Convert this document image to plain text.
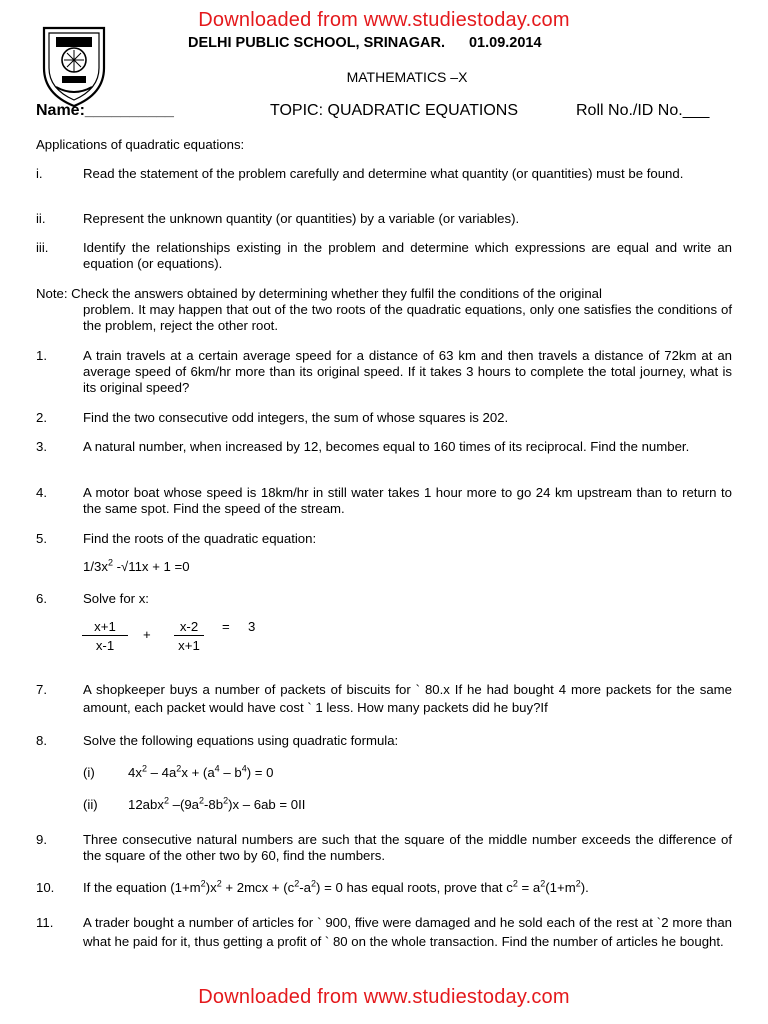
Downloaded from www.studiestoday.com
DELHI PUBLIC SCHOOL, SRINAGAR. 01.09.2014
MATHEMATICS –X
Name:__________	TOPIC: QUADRATIC EQUATIONS	Roll No./ID No.___
Applications of quadratic equations:
i.	Read the statement of the problem carefully and determine what quantity (or quantities) must be found.
ii.	Represent the unknown quantity (or quantities) by a variable (or variables).
iii.	Identify the relationships existing in the problem and determine which expressions are equal and write an equation (or equations).
Note: Check the answers obtained by determining whether they fulfil the conditions of the original
problem. It may happen that out of the two roots of the quadratic equations, only one satisfies the conditions of the problem, reject the other root.
1.	A train travels at a certain average speed for a distance of 63 km and then travels a distance of 72km at an average speed of 6km/hr more than its original speed. If it takes 3 hours to complete the total journey, what is its original speed?
2.	Find the two consecutive odd integers, the sum of whose squares is 202.
3.	A natural number, when increased by 12, becomes equal to 160 times of its reciprocal. Find the number.
4.	A motor boat whose speed is 18km/hr in still water takes 1 hour more to go 24 km upstream than to return to the same spot. Find the speed of the stream.
5.	Find the roots of the quadratic equation:
$1/3x^2$ -√11x + 1 =0
6.	Solve for x:
$\frac{x+1}{x-1} + \frac{x-2}{x+1} = 3$
7.	A shopkeeper buys a number of packets of biscuits for ` 80.x If he had bought 4 more packets for the same amount, each packet would have cost ` 1 less. How many packets did he buy?If
8.	Solve the following equations using quadratic formula:
(i)	$4x^2 - 4a^2x + (a^4 - b^4) = 0$
(ii) 12abx$^2$ $-(9a^2-8b^2)x - 6ab = 0II$
9.	Three consecutive natural numbers are such that the square of the middle number exceeds the difference of the square of the other two by 60, find the numbers.
10. If the equation $(1+m^2)x^2 + 2mcx + (c^2-a^2) = 0$ has equal roots, prove that $c^2 = a^2(1+m^2)$.
11. A trader bought a number of articles for ` 900, ffive were damaged and he sold each of the rest at `2 more than what he paid for it, thus getting a profit of ` 80 on the whole transaction. Find the number of articles he bought.
Downloaded from www.studiestoday.com
